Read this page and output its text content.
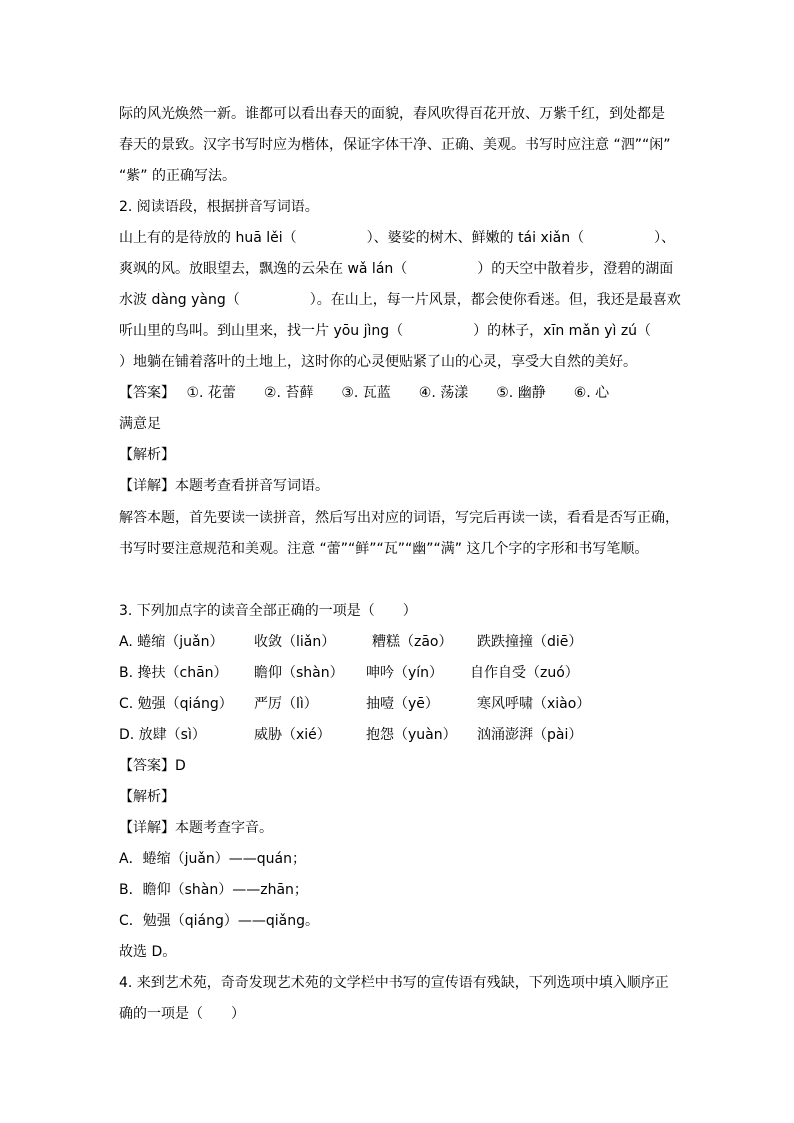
际的风光焕然一新。谁都可以看出春天的面貌，春风吹得百花开放、万紫千红，到处都是
春天的景致。汉字书写时应为楷体，保证字体干净、正确、美观。书写时应注意 “泗”“闲”
“紫” 的正确写法。
2. 阅读语段，根据拼音写词语。
山上有的是待放的 huā lěi（　　　　　）、婆娑的树木、鲜嫩的 tái xiǎn（　　　　　）、
爽飒的风。放眼望去，飘逸的云朵在 wǎ lán（　　　　　）的天空中散着步，澄碧的湖面
水波 dàng yàng（　　　　　）。在山上，每一片风景，都会使你看迷。但，我还是最喜欢
听山里的鸟叫。到山里来，找一片 yōu jìng（　　　　　）的林子，xīn mǎn yì zú（
）地躺在铺着落叶的土地上，这时你的心灵便贴紧了山的心灵，享受大自然的美好。
【答案】　 ①. 花蕾　　②. 苔藓　　③. 瓦蓝　　④. 荡漾　　⑤. 幽静　　⑥. 心
满意足
【解析】
【详解】本题考查看拼音写词语。
解答本题，首先要读一读拼音，然后写出对应的词语，写完后再读一读，看看是否写正确，
书写时要注意规范和美观。注意 “蕾”“鲜”“瓦”“幽”“满” 这几个字的字形和书写笔顺。
3. 下列加点字的读音全部正确的一项是（　　）
A. 蜷缩（juǎn） 收敛（liǎn）	糟糕（zāo） 跌跌撞撞（diē）
B. 搀扶（chān） 瞻仰（shàn） 呻吟（yín） 自作自受（zuó）
C. 勉强（qiáng） 严厉（lì）	抽噎（yē）	寒风呼啸（xiào）
D. 放肆（sì）	威胁（xié）	抱怨（yuàn） 汹涌澎湃（pài）
【答案】D
【解析】
【详解】本题考查字音。
A．蜷缩（juǎn）——quán；
B．瞻仰（shàn）——zhān；
C．勉强（qiáng）——qiǎng。
故选 D。
4. 来到艺术苑，奇奇发现艺术苑的文学栏中书写的宣传语有残缺，下列选项中填入顺序正
确的一项是（　　）
